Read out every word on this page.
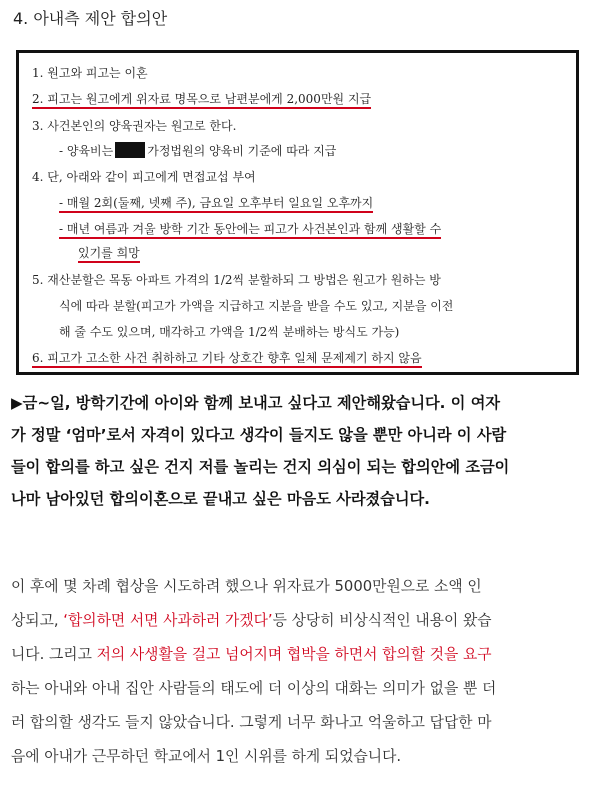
4. 아내측 제안 합의안
1. 원고와 피고는 이혼
2. 피고는 원고에게 위자료 명목으로 남편분에게 2,000만원 지급
3. 사건본인의 양육권자는 원고로 한다.
- 양육비는	가정법원의 양육비 기준에 따라 지급
4. 단, 아래와 같이 피고에게 면접교섭 부여
- 매월 2회(둘째, 넷째 주), 금요일 오후부터 일요일 오후까지
- 매년 여름과 겨울 방학 기간 동안에는 피고가 사건본인과 함께 생활할 수
있기를 희망
5. 재산분할은 목동 아파트 가격의 1/2씩 분할하되 그 방법은 원고가 원하는 방
식에 따라 분할(피고가 가액을 지급하고 지분을 받을 수도 있고, 지분을 이전
해 줄 수도 있으며, 매각하고 가액을 1/2씩 분배하는 방식도 가능)
6. 피고가 고소한 사건 취하하고 기타 상호간 향후 일체 문제제기 하지 않음
▶금~일, 방학기간에 아이와 함께 보내고 싶다고 제안해왔습니다. 이 여자
가 정말 ‘엄마’로서 자격이 있다고 생각이 들지도 않을 뿐만 아니라 이 사람
들이 합의를 하고 싶은 건지 저를 놀리는 건지 의심이 되는 합의안에 조금이
나마 남아있던 합의이혼으로 끝내고 싶은 마음도 사라졌습니다.
이 후에 몇 차례 협상을 시도하려 했으나 위자료가 5000만원으로 소액 인
상되고, ‘합의하면 서면 사과하러 가겠다’등 상당히 비상식적인 내용이 왔습
니다. 그리고 저의 사생활을 걸고 넘어지며 협박을 하면서 합의할 것을 요구
하는 아내와 아내 집안 사람들의 태도에 더 이상의 대화는 의미가 없을 뿐 더
러 합의할 생각도 들지 않았습니다. 그렇게 너무 화나고 억울하고 답답한 마
음에 아내가 근무하던 학교에서 1인 시위를 하게 되었습니다.
